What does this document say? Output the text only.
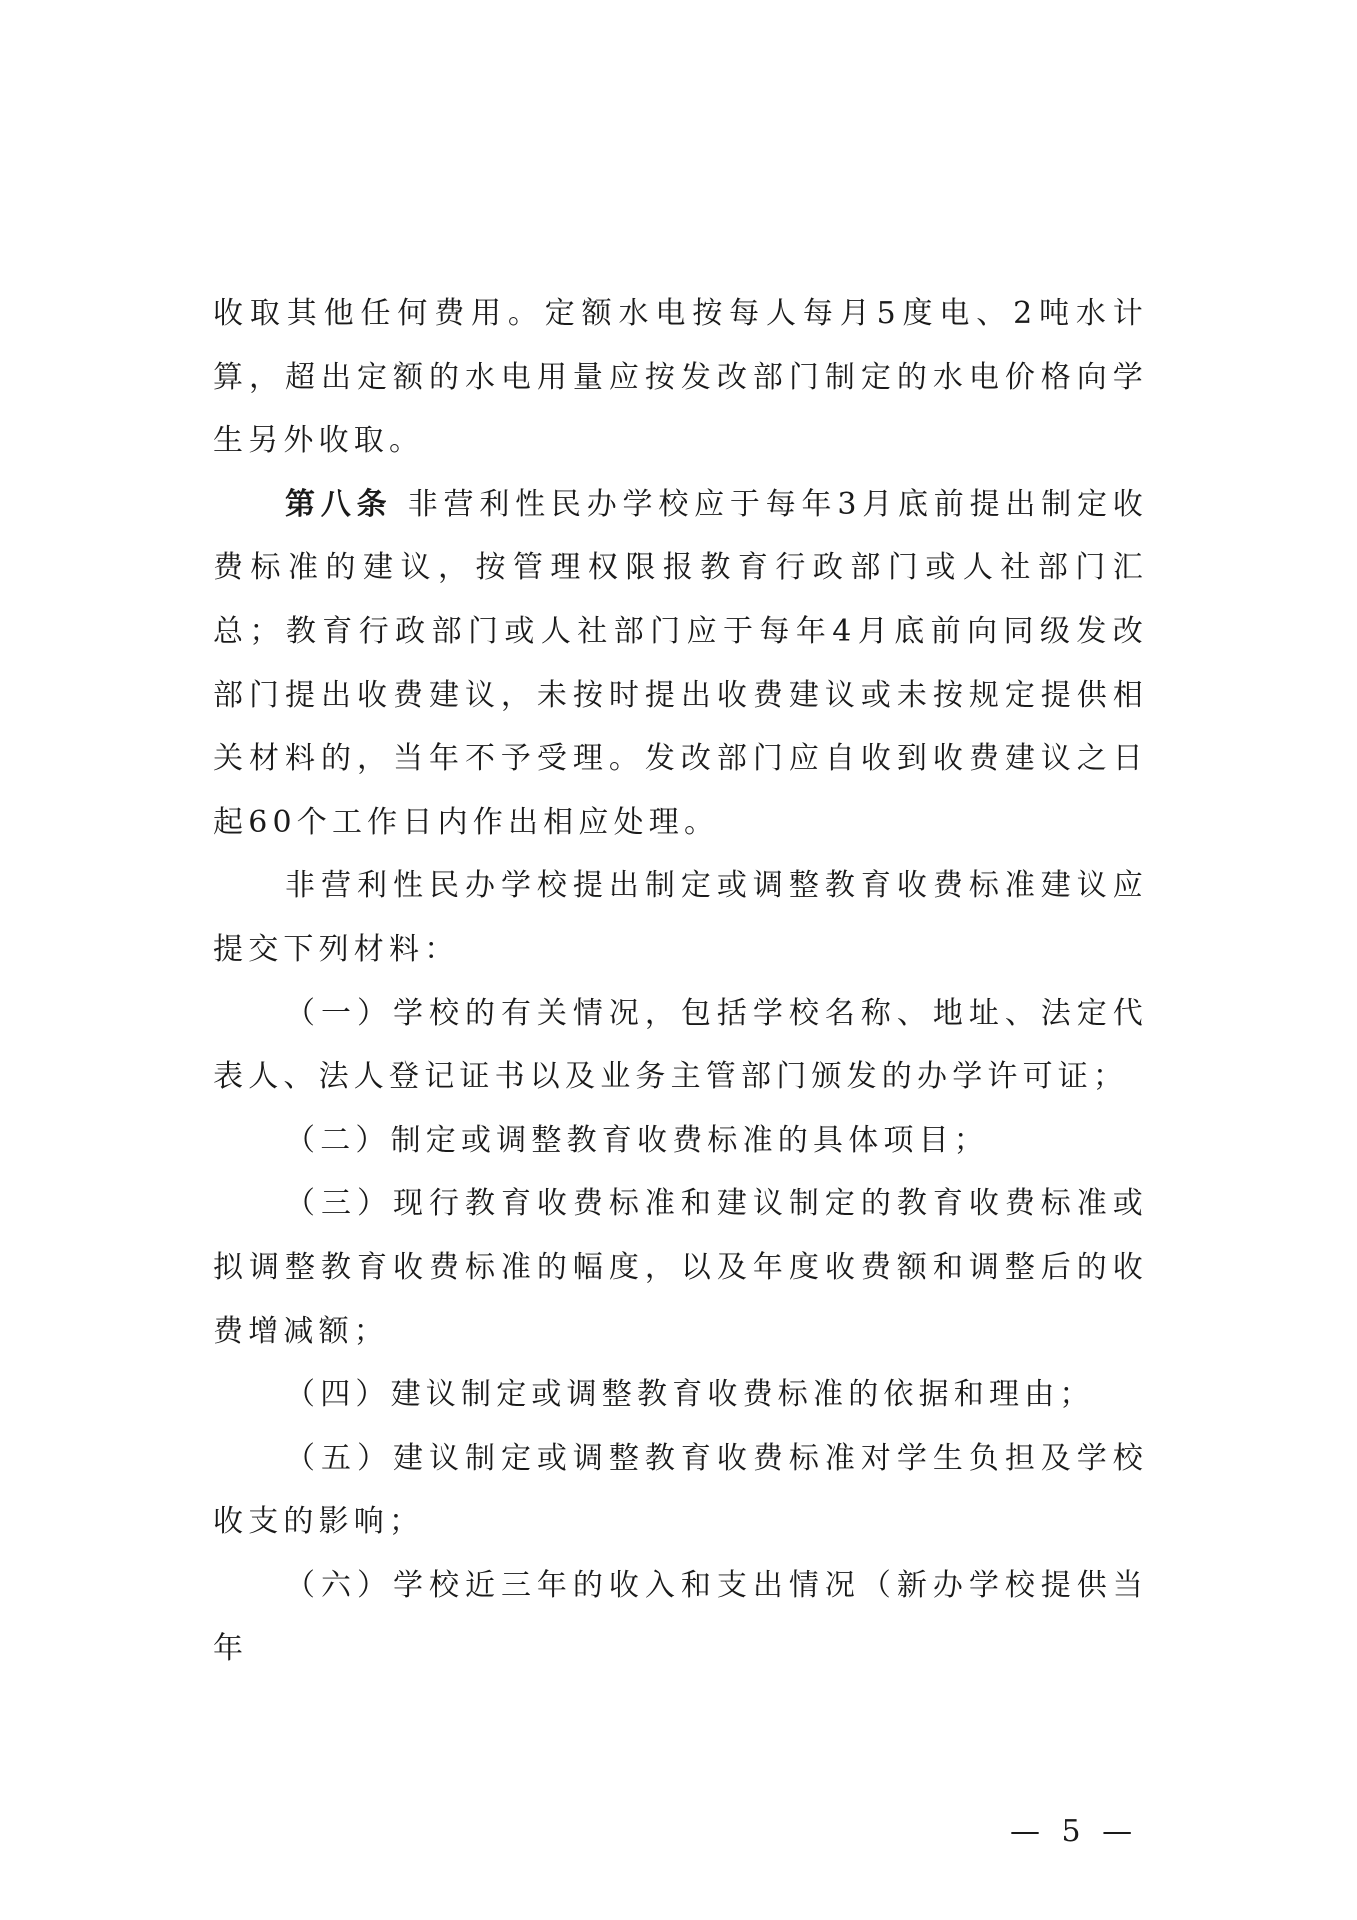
收取其他任何费用。定额水电按每人每月5度电、2吨水计算，超出定额的水电用量应按发改部门制定的水电价格向学生另外收取。

第八条 非营利性民办学校应于每年3月底前提出制定收费标准的建议，按管理权限报教育行政部门或人社部门汇总；教育行政部门或人社部门应于每年4月底前向同级发改部门提出收费建议，未按时提出收费建议或未按规定提供相关材料的，当年不予受理。发改部门应自收到收费建议之日起60个工作日内作出相应处理。

非营利性民办学校提出制定或调整教育收费标准建议应提交下列材料：

（一）学校的有关情况，包括学校名称、地址、法定代表人、法人登记证书以及业务主管部门颁发的办学许可证；

（二）制定或调整教育收费标准的具体项目；

（三）现行教育收费标准和建议制定的教育收费标准或拟调整教育收费标准的幅度，以及年度收费额和调整后的收费增减额；

（四）建议制定或调整教育收费标准的依据和理由；

（五）建议制定或调整教育收费标准对学生负担及学校收支的影响；

（六）学校近三年的收入和支出情况（新办学校提供当年

— 5 —
